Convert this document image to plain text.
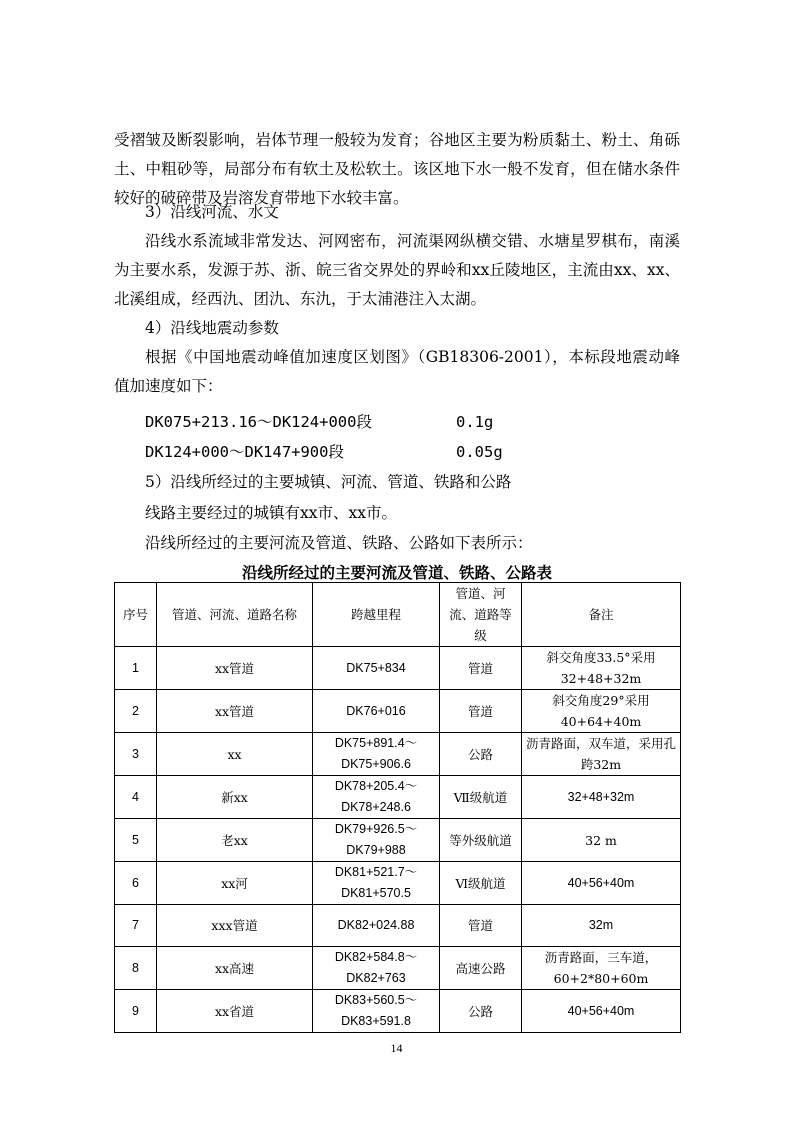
受褶皱及断裂影响，岩体节理一般较为发育；谷地区主要为粉质黏土、粉土、角砾土、中粗砂等，局部分布有软土及松软土。该区地下水一般不发育，但在储水条件较好的破碎带及岩溶发育带地下水较丰富。

3）沿线河流、水文

沿线水系流域非常发达、河网密布，河流渠网纵横交错、水塘星罗棋布，南溪为主要水系，发源于苏、浙、皖三省交界处的界岭和xx丘陵地区，主流由xx、xx、北溪组成，经西氿、团氿、东氿，于太浦港注入太湖。

4）沿线地震动参数

根据《中国地震动峰值加速度区划图》（GB18306-2001），本标段地震动峰值加速度如下：

DK075+213.16～DK124+000段	0.1g

DK124+000～DK147+900段	0.05g

5）沿线所经过的主要城镇、河流、管道、铁路和公路

线路主要经过的城镇有xx市、xx市。

沿线所经过的主要河流及管道、铁路、公路如下表所示：

沿线所经过的主要河流及管道、铁路、公路表
序号	管道、河流、道路名称	跨越里程	管道、河流、道路等级	备注
1	xx管道	DK75+834	管道	斜交角度33.5°采用32+48+32m
2	xx管道	DK76+016	管道	斜交角度29°采用40+64+40m
3	xx	DK75+891.4～DK75+906.6	公路	沥青路面，双车道，采用孔跨32m
4	新xx	DK78+205.4～DK78+248.6	Ⅶ级航道	32+48+32m
5	老xx	DK79+926.5～DK79+988	等外级航道	32 m
6	xx河	DK81+521.7～DK81+570.5	Ⅵ级航道	40+56+40m
7	xxx管道	DK82+024.88	管道	32m
8	xx高速	DK82+584.8～DK82+763	高速公路	沥青路面，三车道，60+2*80+60m
9	xx省道	DK83+560.5～DK83+591.8	公路	40+56+40m
14
